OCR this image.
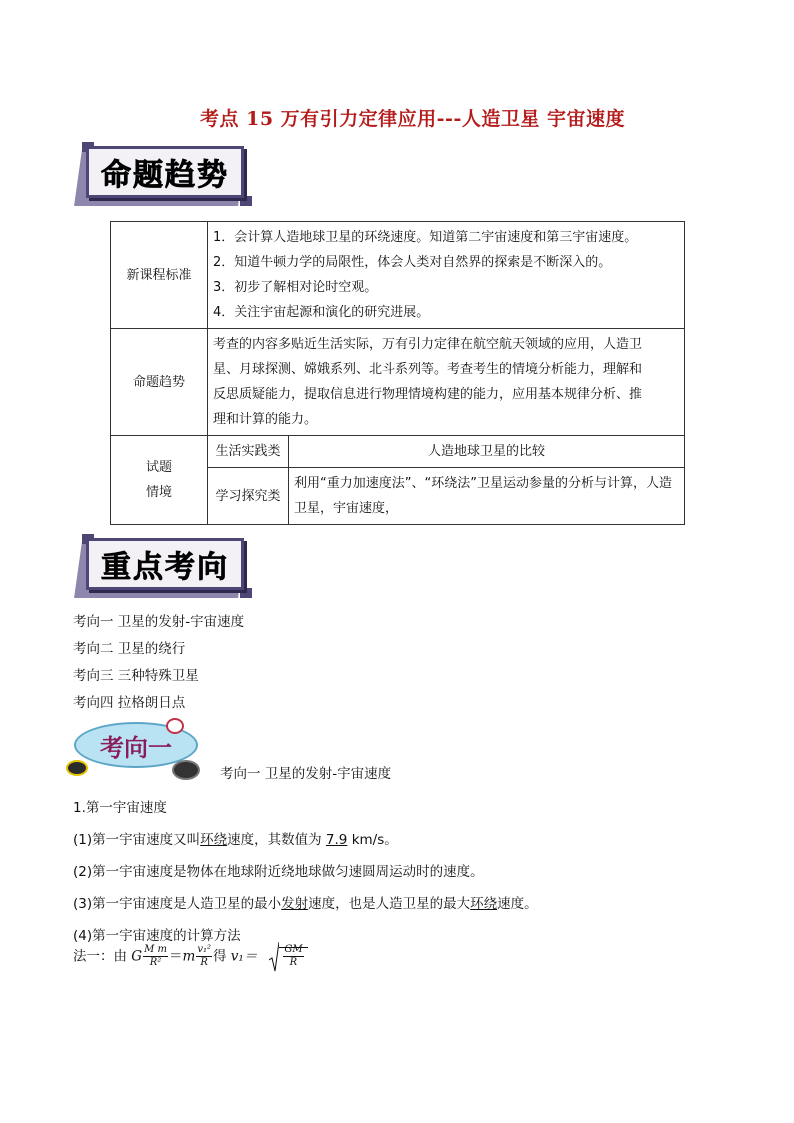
考点 15 万有引力定律应用---人造卫星 宇宙速度
命题趋势
新课程标准	1．会计算人造地球卫星的环绕速度。知道第二宇宙速度和第三宇宙速度。
2．知道牛顿力学的局限性，体会人类对自然界的探索是不断深入的。
3．初步了解相对论时空观。
4．关注宇宙起源和演化的研究进展。	

命题趋势	考查的内容多贴近生活实际，万有引力定律在航空航天领域的应用，人造卫
星、月球探测、嫦娥系列、北斗系列等。考查考生的情境分析能力，理解和
反思质疑能力，提取信息进行物理情境构建的能力，应用基本规律分析、推
理和计算的能力。	

试题
情境	生活实践类	人造地球卫星的比较
	学习探究类	利用“重力加速度法”、“环绕法”卫星运动参量的分析与计算，人造
卫星，宇宙速度，
重点考向
考向一 卫星的发射-宇宙速度
考向二 卫星的绕行
考向三 三种特殊卫星
考向四 拉格朗日点
考向一
考向一 卫星的发射-宇宙速度
1.第一宇宙速度
(1)第一宇宙速度又叫环绕速度，其数值为 7.9 km/s。
(2)第一宇宙速度是物体在地球附近绕地球做匀速圆周运动时的速度。
(3)第一宇宙速度是人造卫星的最小发射速度，也是人造卫星的最大环绕速度。
(4)第一宇宙速度的计算方法
法一：由 G $\frac{\text{M m}}{\text{R²}} =m \frac{\text{v₁²}}{R}$ 得 v₁＝	$\frac{GM}{R}$
